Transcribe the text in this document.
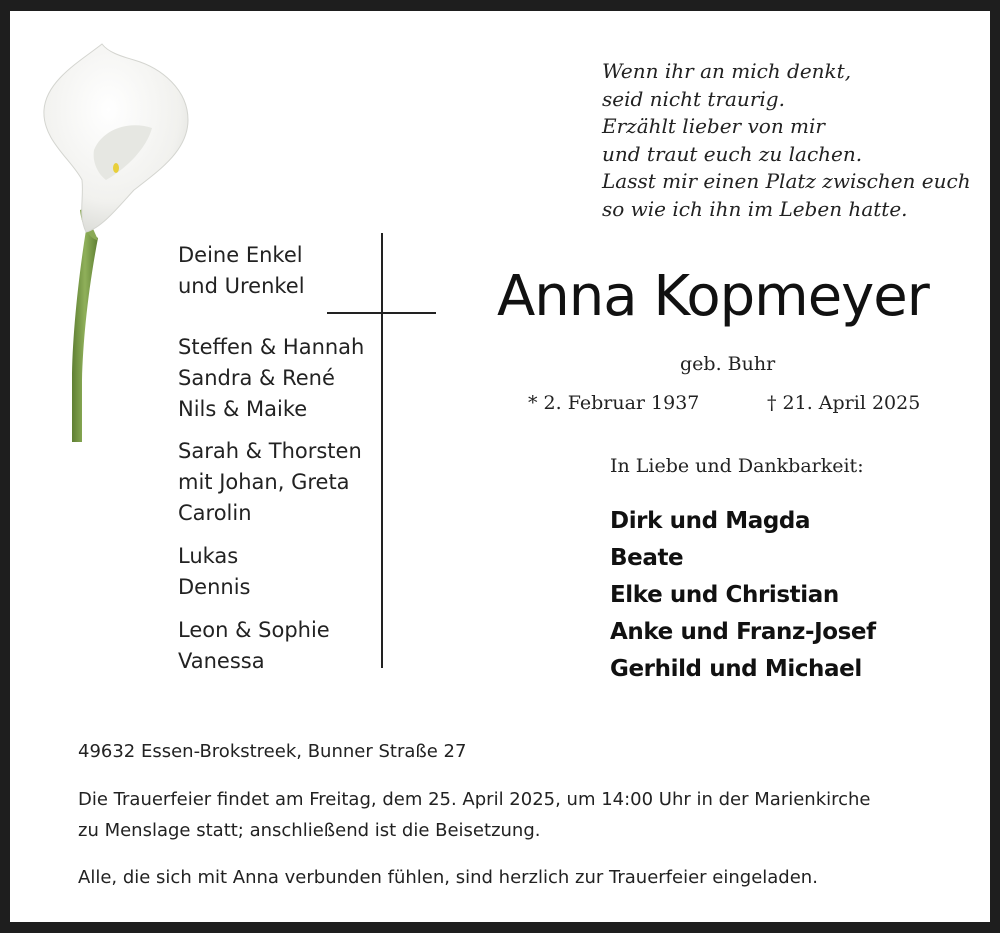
Wenn ihr an mich denkt,
seid nicht traurig.
Erzählt lieber von mir
und traut euch zu lachen.
Lasst mir einen Platz zwischen euch
so wie ich ihn im Leben hatte.
Deine Enkel
und Urenkel
Steffen & Hannah
Sandra & René
Nils & Maike
Sarah & Thorsten
mit Johan, Greta
Carolin
Lukas
Dennis
Leon & Sophie
Vanessa
Anna Kopmeyer
geb. Buhr
* 2. Februar 1937	† 21. April 2025
In Liebe und Dankbarkeit:
Dirk und Magda
Beate
Elke und Christian
Anke und Franz-Josef
Gerhild und Michael
49632 Essen-Brokstreek, Bunner Straße 27
Die Trauerfeier findet am Freitag, dem 25. April 2025, um 14:00 Uhr in der Marienkirche
zu Menslage statt; anschließend ist die Beisetzung.
Alle, die sich mit Anna verbunden fühlen, sind herzlich zur Trauerfeier eingeladen.
